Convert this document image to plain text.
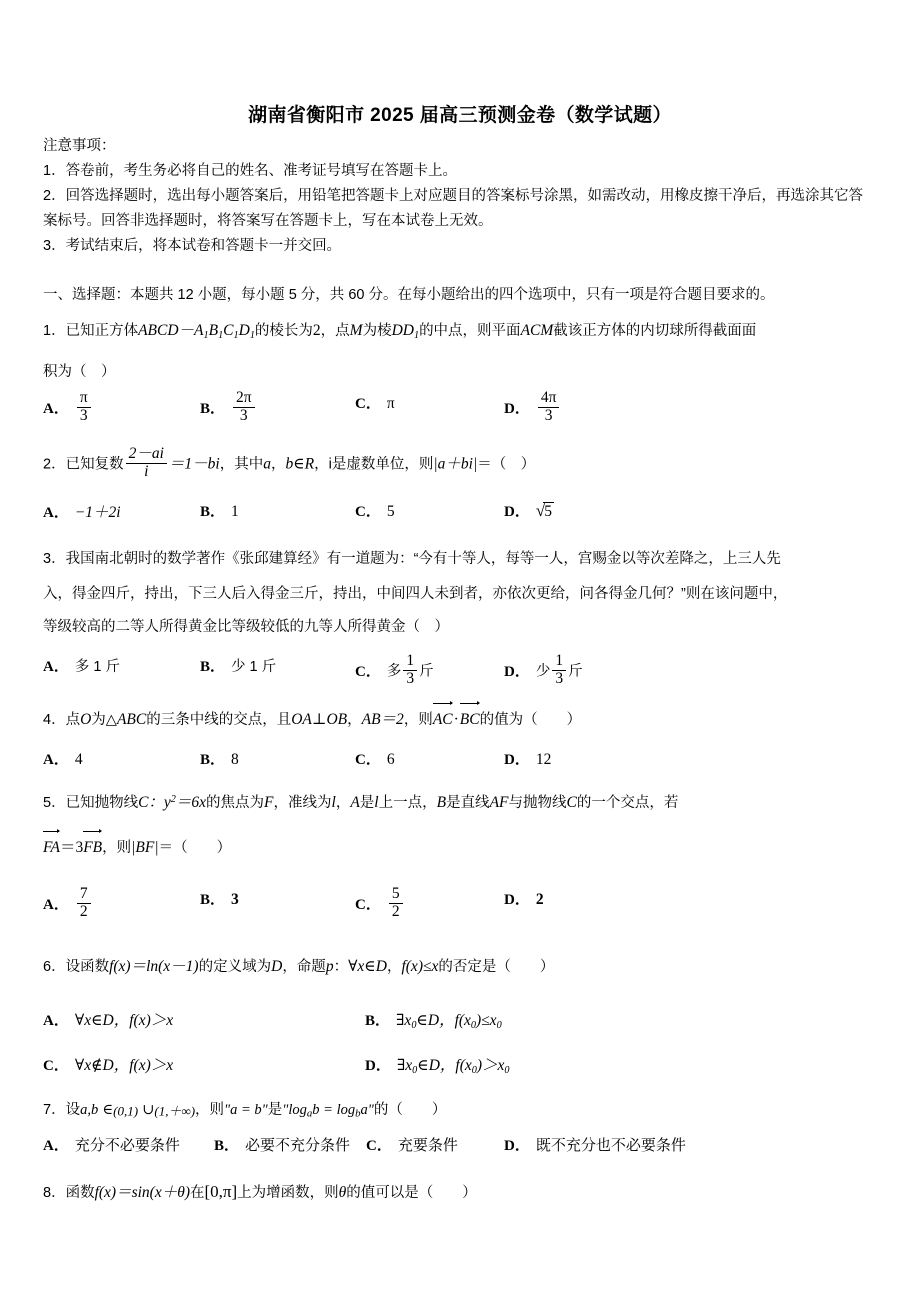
湖南省衡阳市 2025 届高三预测金卷（数学试题）
注意事项：
1．答卷前，考生务必将自己的姓名、准考证号填写在答题卡上。
2．回答选择题时，选出每小题答案后，用铅笔把答题卡上对应题目的答案标号涂黑，如需改动，用橡皮擦干净后，再选涂其它答案标号。回答非选择题时，将答案写在答题卡上，写在本试卷上无效。
3．考试结束后，将本试卷和答题卡一并交回。
一、选择题：本题共 12 小题，每小题 5 分，共 60 分。在每小题给出的四个选项中，只有一项是符合题目要求的。
1．已知正方体$ABCD-A_1B_1C_1D_1$的棱长为2，点M为棱$DD_1$的中点，则平面ACM截该正方体的内切球所得截面面
积为（　）
A． $\frac{\pi}{3}$	B． $\frac{2\pi}{3}$	C． π	D． $\frac{4\pi}{3}$
2．已知复数 $\frac{2-ai}{i} =1-bi$，其中a，b∈R，i是虚数单位，则|a＋bi|＝（　）
A． −1＋2i	B． 1	C． 5	D． √5
3．我国南北朝时的数学著作《张邱建算经》有一道题为：“今有十等人，每等一人，宫赐金以等次差降之，上三人先
入，得金四斤，持出，下三人后入得金三斤，持出，中间四人未到者，亦依次更给，问各得金几何？”则在该问题中，
等级较高的二等人所得黄金比等级较低的九等人所得黄金（　）
A． 多 1 斤	B． 少 1 斤	C． 多 $\frac{1}{3}$ 斤	D． 少 $\frac{1}{3}$ 斤
4．点O为△ABC的三条中线的交点，且OA⊥OB，AB＝2，则AC·BC的值为（　　）
A． 4	B． 8	C． 6	D． 12
5．已知抛物线C：$y^2=6x$的焦点为F，准线为l，A是l上一点，B是直线AF与抛物线C的一个交点，若
FA＝3FB，则|BF|＝（　　）
A． $\frac{7}{2}$	B． 3	C． $\frac{5}{2}$	D． 2
6．设函数f(x)＝ln(x－1)的定义域为D，命题p：∀x∈D，f(x)≤x的否定是（　　）
A． ∀x∈D，f(x)＞x	B． $\exists x_0\in D$，$f(x_0)\le x_0$
C． ∀x∉D，f(x)＞x	D． $\exists x_0\in D$，$f(x_0)>x_0$
7．设a,b ∈(0,1) ∪(1,＋∞)，则"a = b"是"logab = logba"的（　　）
A． 充分不必要条件 B． 必要不充分条件 C． 充要条件	D． 既不充分也不必要条件
8．函数f(x)＝sin(x＋θ)在[0,π]上为增函数，则θ的值可以是（　　）
